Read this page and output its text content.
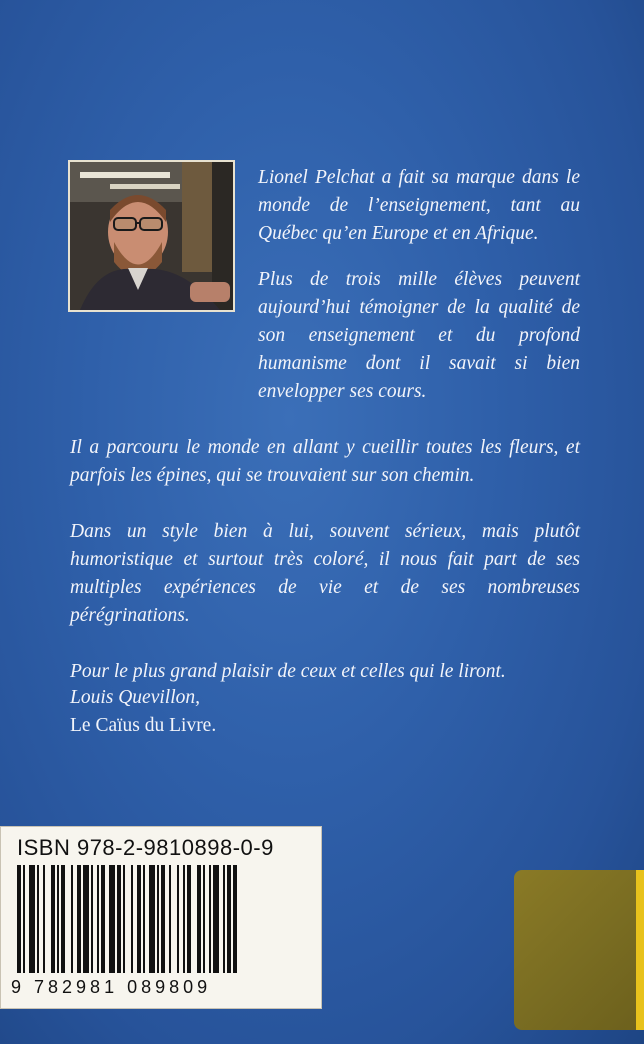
Lionel Pelchat a fait sa marque dans le monde de l’enseignement, tant au Québec qu’en Europe et en Afrique.

Plus de trois mille élèves peuvent aujourd’hui témoigner de la qualité de son enseignement et du profond humanisme dont il savait si bien envelopper ses cours.

Il a parcouru le monde en allant y cueillir toutes les fleurs, et parfois les épines, qui se trouvaient sur son chemin.

Dans un style bien à lui, souvent sérieux, mais plutôt humoristique et surtout très coloré, il nous fait part de ses multiples expériences de vie et de ses nombreuses pérégrinations.

Pour le plus grand plaisir de ceux et celles qui le liront.

Louis Quevillon,
Le Caïus du Livre.
ISBN 978-2-9810898-0-9
9 782981 089809
